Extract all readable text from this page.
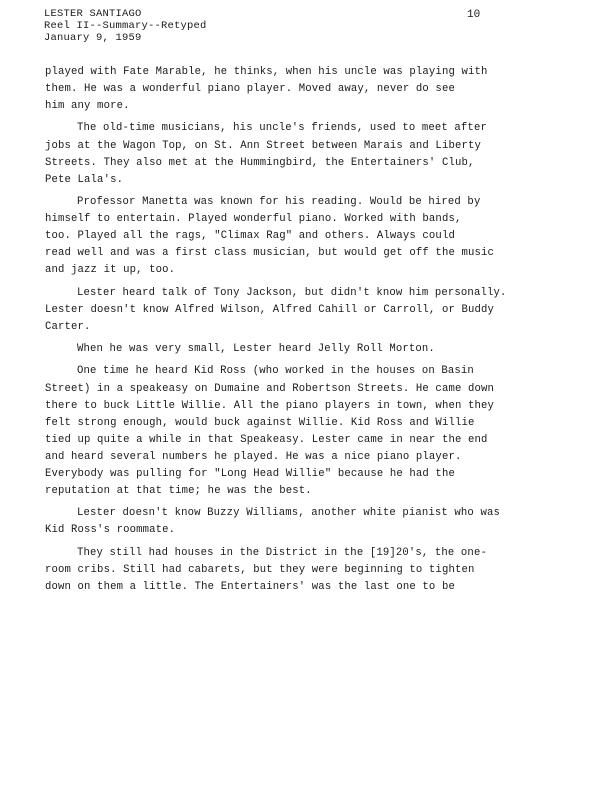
LESTER SANTIAGO
Reel II--Summary--Retyped
January 9, 1959
10

played with Fate Marable, he thinks, when his uncle was playing with
them. He was a wonderful piano player. Moved away, never do see
him any more.

The old-time musicians, his uncle's friends, used to meet after
jobs at the Wagon Top, on St. Ann Street between Marais and Liberty
Streets. They also met at the Hummingbird, the Entertainers' Club,
Pete Lala's.

Professor Manetta was known for his reading. Would be hired by
himself to entertain. Played wonderful piano. Worked with bands,
too. Played all the rags, "Climax Rag" and others. Always could
read well and was a first class musician, but would get off the music
and jazz it up, too.

Lester heard talk of Tony Jackson, but didn't know him personally.
Lester doesn't know Alfred Wilson, Alfred Cahill or Carroll, or Buddy
Carter.

When he was very small, Lester heard Jelly Roll Morton.

One time he heard Kid Ross (who worked in the houses on Basin
Street) in a speakeasy on Dumaine and Robertson Streets. He came down
there to buck Little Willie. All the piano players in town, when they
felt strong enough, would buck against Willie. Kid Ross and Willie
tied up quite a while in that Speakeasy. Lester came in near the end
and heard several numbers he played. He was a nice piano player.
Everybody was pulling for "Long Head Willie" because he had the
reputation at that time; he was the best.

Lester doesn't know Buzzy Williams, another white pianist who was
Kid Ross's roommate.

They still had houses in the District in the [19]20's, the one-
room cribs. Still had cabarets, but they were beginning to tighten
down on them a little. The Entertainers' was the last one to be
